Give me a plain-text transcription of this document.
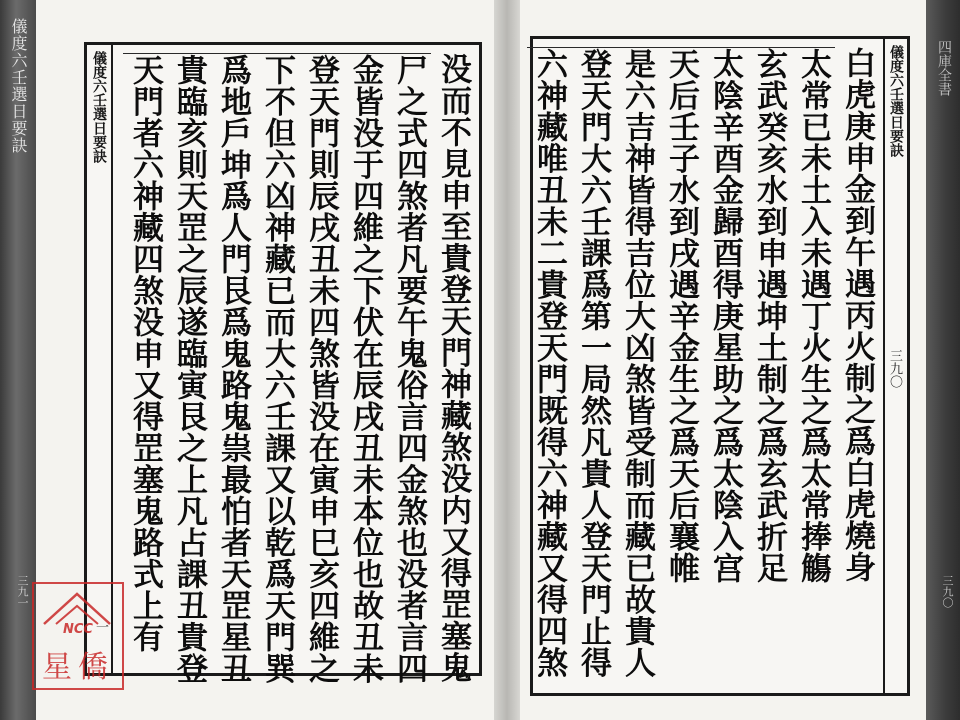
儀度六壬選日要訣
三九一
儀度六壬選日要訣
一	没而不見申至貴登天門神藏煞没内又得罡塞鬼
尸之式四煞者凡要午鬼俗言四金煞也没者言四
金皆没于四維之下伏在辰戌丑未本位也故丑未
登天門則辰戌丑未四煞皆没在寅申巳亥四維之
下不但六凶神藏已而大六壬課又以乾爲天門巽
爲地戶坤爲人門艮爲鬼路鬼祟最怕者天罡星丑
貴臨亥則天罡之辰遂臨寅艮之上凡占課丑貴登
天門者六神藏四煞没申又得罡塞鬼路式上有	儀度六壬選日要訣
三九〇
白虎庚申金到午遇丙火制之爲白虎燒身
太常已未土入未遇丁火生之爲太常捧觴
玄武癸亥水到申遇坤土制之爲玄武折足
太陰辛酉金歸酉得庚星助之爲太陰入宫
天后壬子水到戌遇辛金生之爲天后襄帷
是六吉神皆得吉位大凶煞皆受制而藏已故貴人
登天門大六壬課爲第一局然凡貴人登天門止得
六神藏唯丑未二貴登天門既得六神藏又得四煞	四庫全書
三九〇
NCC
星僑
